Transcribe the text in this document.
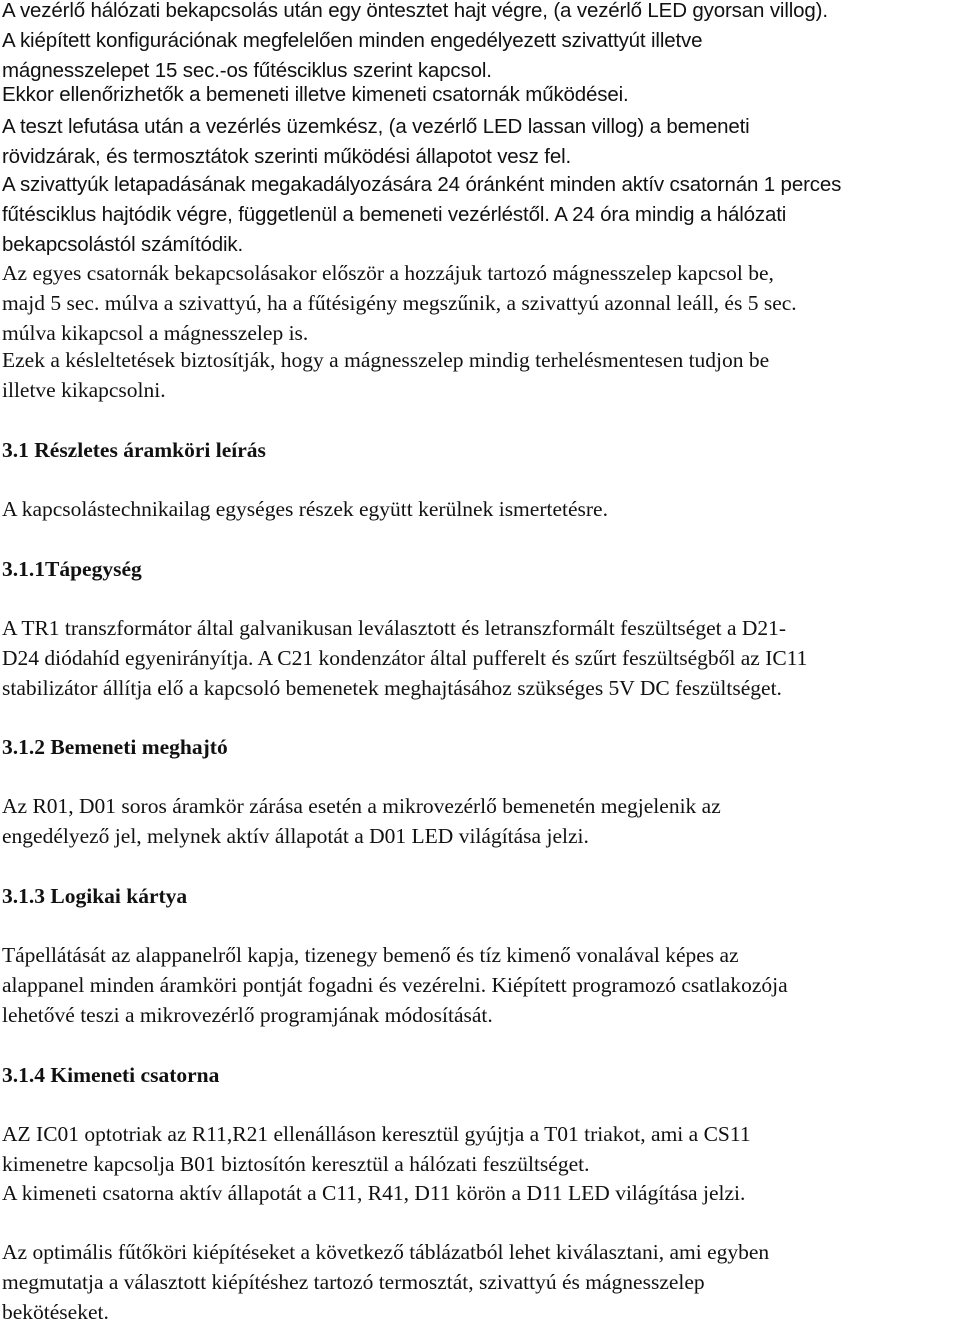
A vezérlő hálózati bekapcsolás után egy öntesztet hajt végre, (a vezérlő LED gyorsan villog).
A kiépített konfigurációnak megfelelően minden engedélyezett szivattyút illetve
mágnesszelepet 15 sec.-os fűtésciklus szerint kapcsol.
Ekkor ellenőrizhetők a bemeneti illetve kimeneti csatornák működései.
A teszt lefutása után a vezérlés üzemkész, (a vezérlő LED lassan villog) a bemeneti
rövidzárak, és termosztátok szerinti működési állapotot vesz fel.
A szivattyúk letapadásának megakadályozására 24 óránként minden aktív csatornán 1 perces
fűtésciklus hajtódik végre, függetlenül a bemeneti vezérléstől. A 24 óra mindig a hálózati
bekapcsolástól számítódik.
Az egyes csatornák bekapcsolásakor először a hozzájuk tartozó mágnesszelep kapcsol be,
majd 5 sec. múlva a szivattyú, ha a fűtésigény megszűnik, a szivattyú azonnal leáll, és 5 sec.
múlva kikapcsol a mágnesszelep is.
Ezek a késleltetések biztosítják, hogy a mágnesszelep mindig terhelésmentesen tudjon be
illetve kikapcsolni.
3.1 Részletes áramköri leírás
A kapcsolástechnikailag egységes részek együtt kerülnek ismertetésre.
3.1.1Tápegység
A TR1 transzformátor által galvanikusan leválasztott és letranszformált feszültséget a D21-
D24 diódahíd egyenirányítja. A C21 kondenzátor által pufferelt és szűrt feszültségből az IC11
stabilizátor állítja elő a kapcsoló bemenetek meghajtásához szükséges 5V DC feszültséget.
3.1.2 Bemeneti meghajtó
Az R01, D01 soros áramkör zárása esetén a mikrovezérlő bemenetén megjelenik az
engedélyező jel, melynek aktív állapotát a D01 LED világítása jelzi.
3.1.3 Logikai kártya
Tápellátását az alappanelről kapja, tizenegy bemenő és tíz kimenő vonalával képes az
alappanel minden áramköri pontját fogadni és vezérelni. Kiépített programozó csatlakozója
lehetővé teszi a mikrovezérlő programjának módosítását.
3.1.4 Kimeneti csatorna
AZ IC01 optotriak az R11,R21 ellenálláson keresztül gyújtja a T01 triakot, ami a CS11
kimenetre kapcsolja B01 biztosítón keresztül a hálózati feszültséget.
A kimeneti csatorna aktív állapotát a C11, R41, D11 körön a D11 LED világítása jelzi.
Az optimális fűtőköri kiépítéseket a következő táblázatból lehet kiválasztani, ami egyben
megmutatja a választott kiépítéshez tartozó termosztát, szivattyú és mágnesszelep
bekötéseket.
